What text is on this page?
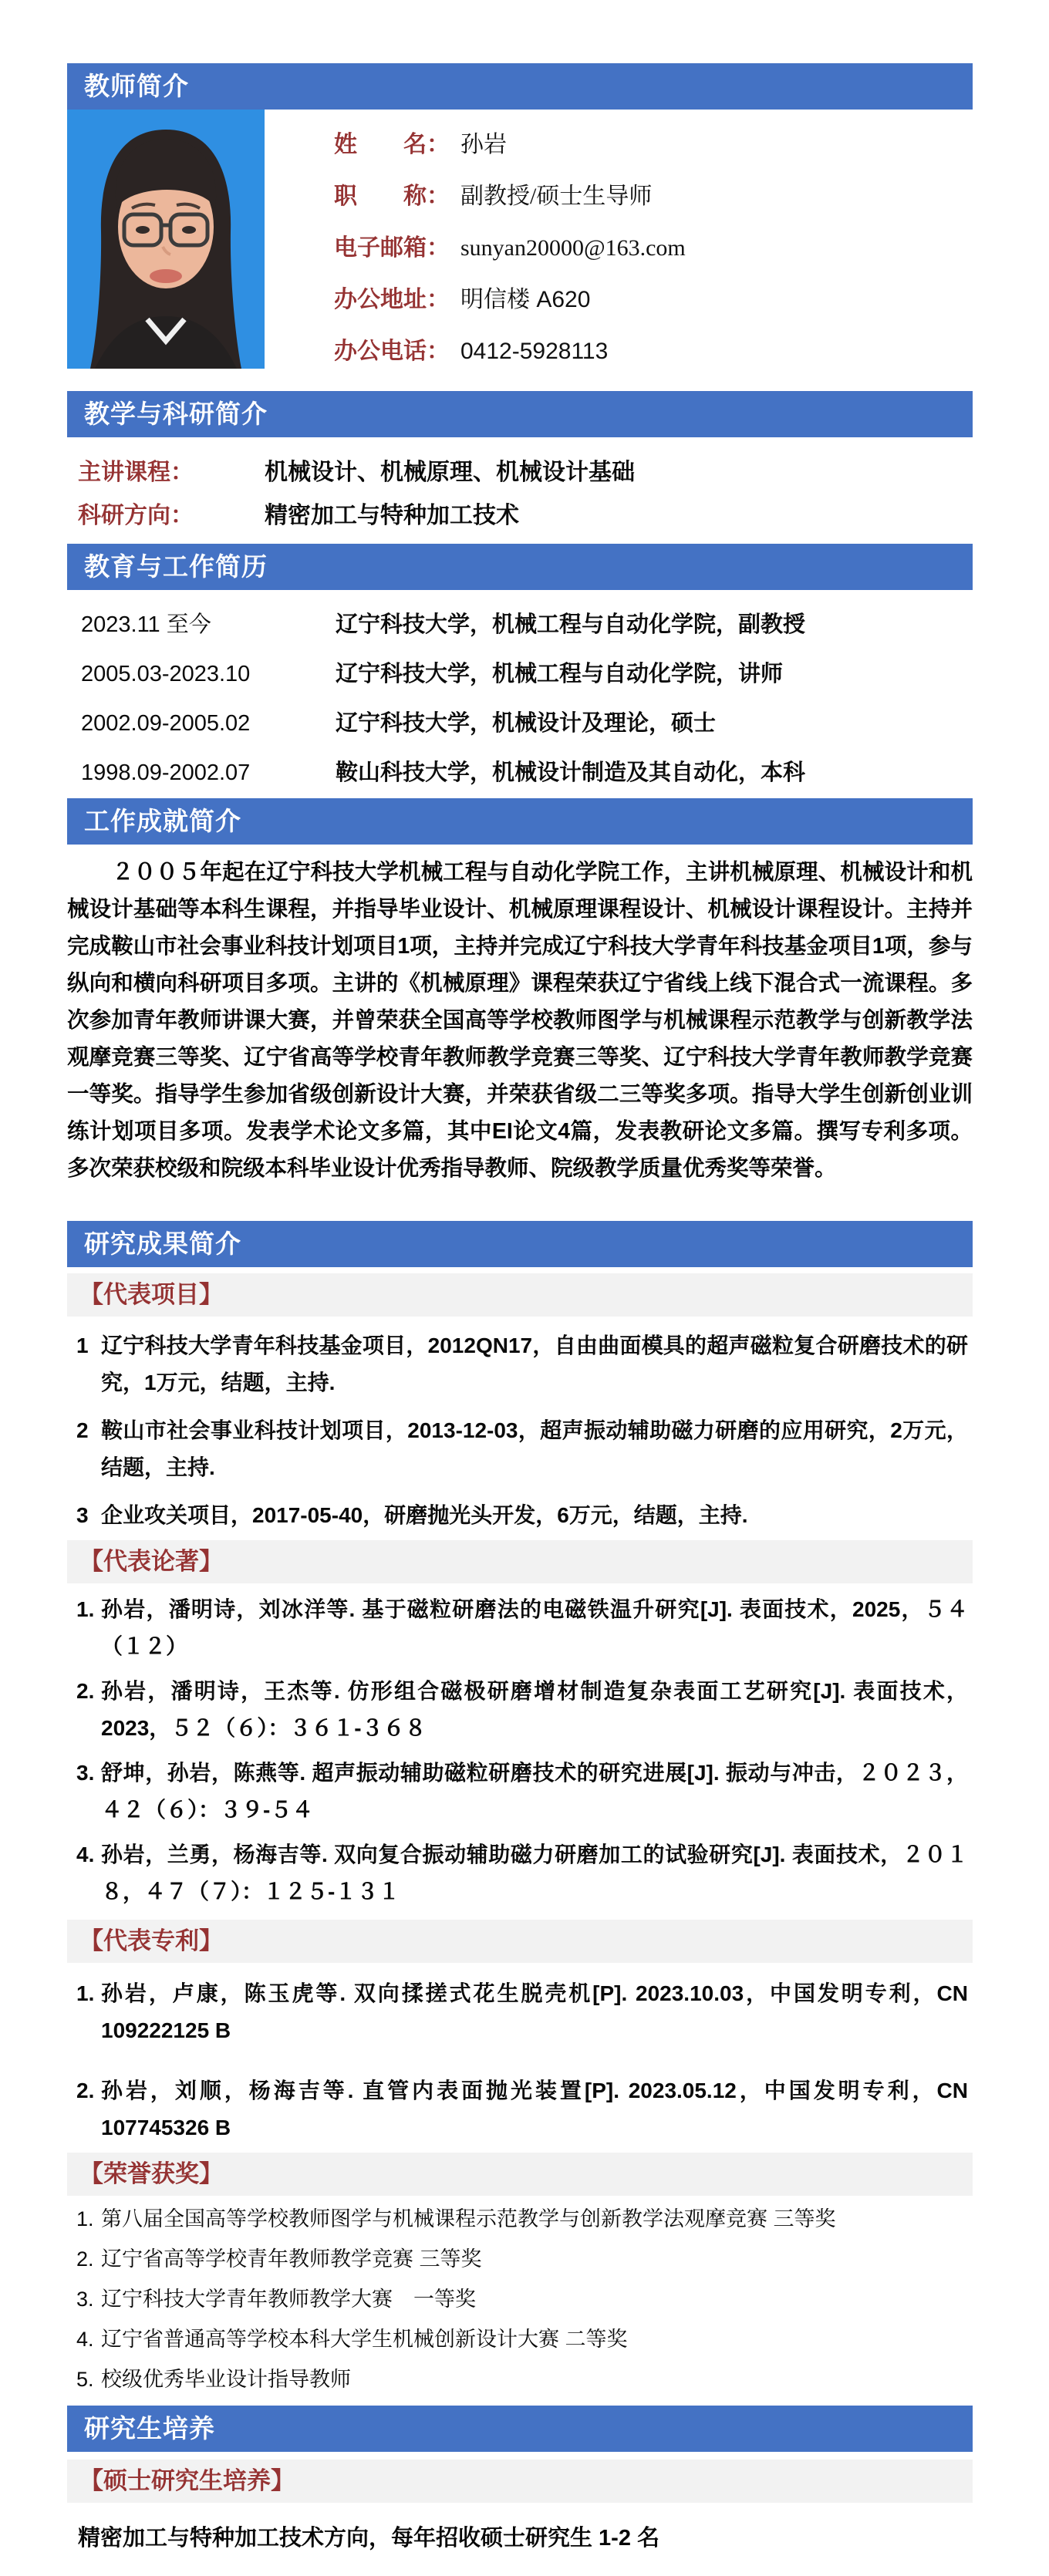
教师简介
姓　　名： 孙岩
职　　称： 副教授/硕士生导师
电子邮箱： sunyan20000@163.com
办公地址： 明信楼 A620
办公电话： 0412-5928113
教学与科研简介
主讲课程：	机械设计、机械原理、机械设计基础
科研方向：	精密加工与特种加工技术
教育与工作简历
2023.11 至今	辽宁科技大学，机械工程与自动化学院，副教授
2005.03-2023.10	辽宁科技大学，机械工程与自动化学院，讲师
2002.09-2005.02	辽宁科技大学，机械设计及理论，硕士
1998.09-2002.07	鞍山科技大学，机械设计制造及其自动化，本科
工作成就简介

２００５年起在辽宁科技大学机械工程与自动化学院工作，主讲机械原理、机械设计和机械设计基础等本科生课程，并指导毕业设计、机械原理课程设计、机械设计课程设计。主持并完成鞍山市社会事业科技计划项目1项，主持并完成辽宁科技大学青年科技基金项目1项，参与纵向和横向科研项目多项。主讲的《机械原理》课程荣获辽宁省线上线下混合式一流课程。多次参加青年教师讲课大赛，并曾荣获全国高等学校教师图学与机械课程示范教学与创新教学法观摩竞赛三等奖、辽宁省高等学校青年教师教学竞赛三等奖、辽宁科技大学青年教师教学竞赛一等奖。指导学生参加省级创新设计大赛，并荣获省级二三等奖多项。指导大学生创新创业训练计划项目多项。发表学术论文多篇，其中EI论文4篇，发表教研论文多篇。撰写专利多项。多次荣获校级和院级本科毕业设计优秀指导教师、院级教学质量优秀奖等荣誉。

研究成果简介
【代表项目】
1 辽宁科技大学青年科技基金项目，2012QN17，自由曲面模具的超声磁粒复合研磨技术的研究，1万元，结题，主持.
2 鞍山市社会事业科技计划项目，2013-12-03，超声振动辅助磁力研磨的应用研究，2万元，结题，主持.
3 企业攻关项目，2017-05-40，研磨抛光头开发，6万元，结题，主持.
【代表论著】
1. 孙岩，潘明诗，刘冰洋等. 基于磁粒研磨法的电磁铁温升研究[J]. 表面技术，2025，５４（１２）
2. 孙岩，潘明诗，王杰等. 仿形组合磁极研磨增材制造复杂表面工艺研究[J]. 表面技术，2023，５２（６）：３６１-３６８
3. 舒坤，孙岩，陈燕等. 超声振动辅助磁粒研磨技术的研究进展[J]. 振动与冲击，２０２３，４２（６）：３９-５４
4. 孙岩，兰勇，杨海吉等. 双向复合振动辅助磁力研磨加工的试验研究[J]. 表面技术，２０１８，４７（７）：１２５-１３１
【代表专利】
1. 孙岩，卢康，陈玉虎等. 双向揉搓式花生脱壳机[P]. 2023.10.03，中国发明专利，CN 109222125 B
2. 孙岩，刘顺，杨海吉等. 直管内表面抛光装置[P]. 2023.05.12，中国发明专利，CN 107745326 B
【荣誉获奖】
1. 第八届全国高等学校教师图学与机械课程示范教学与创新教学法观摩竞赛 三等奖
2. 辽宁省高等学校青年教师教学竞赛 三等奖
3. 辽宁科技大学青年教师教学大赛　一等奖
4. 辽宁省普通高等学校本科大学生机械创新设计大赛 二等奖
5. 校级优秀毕业设计指导教师
研究生培养
【硕士研究生培养】
精密加工与特种加工技术方向，每年招收硕士研究生 1-2 名
